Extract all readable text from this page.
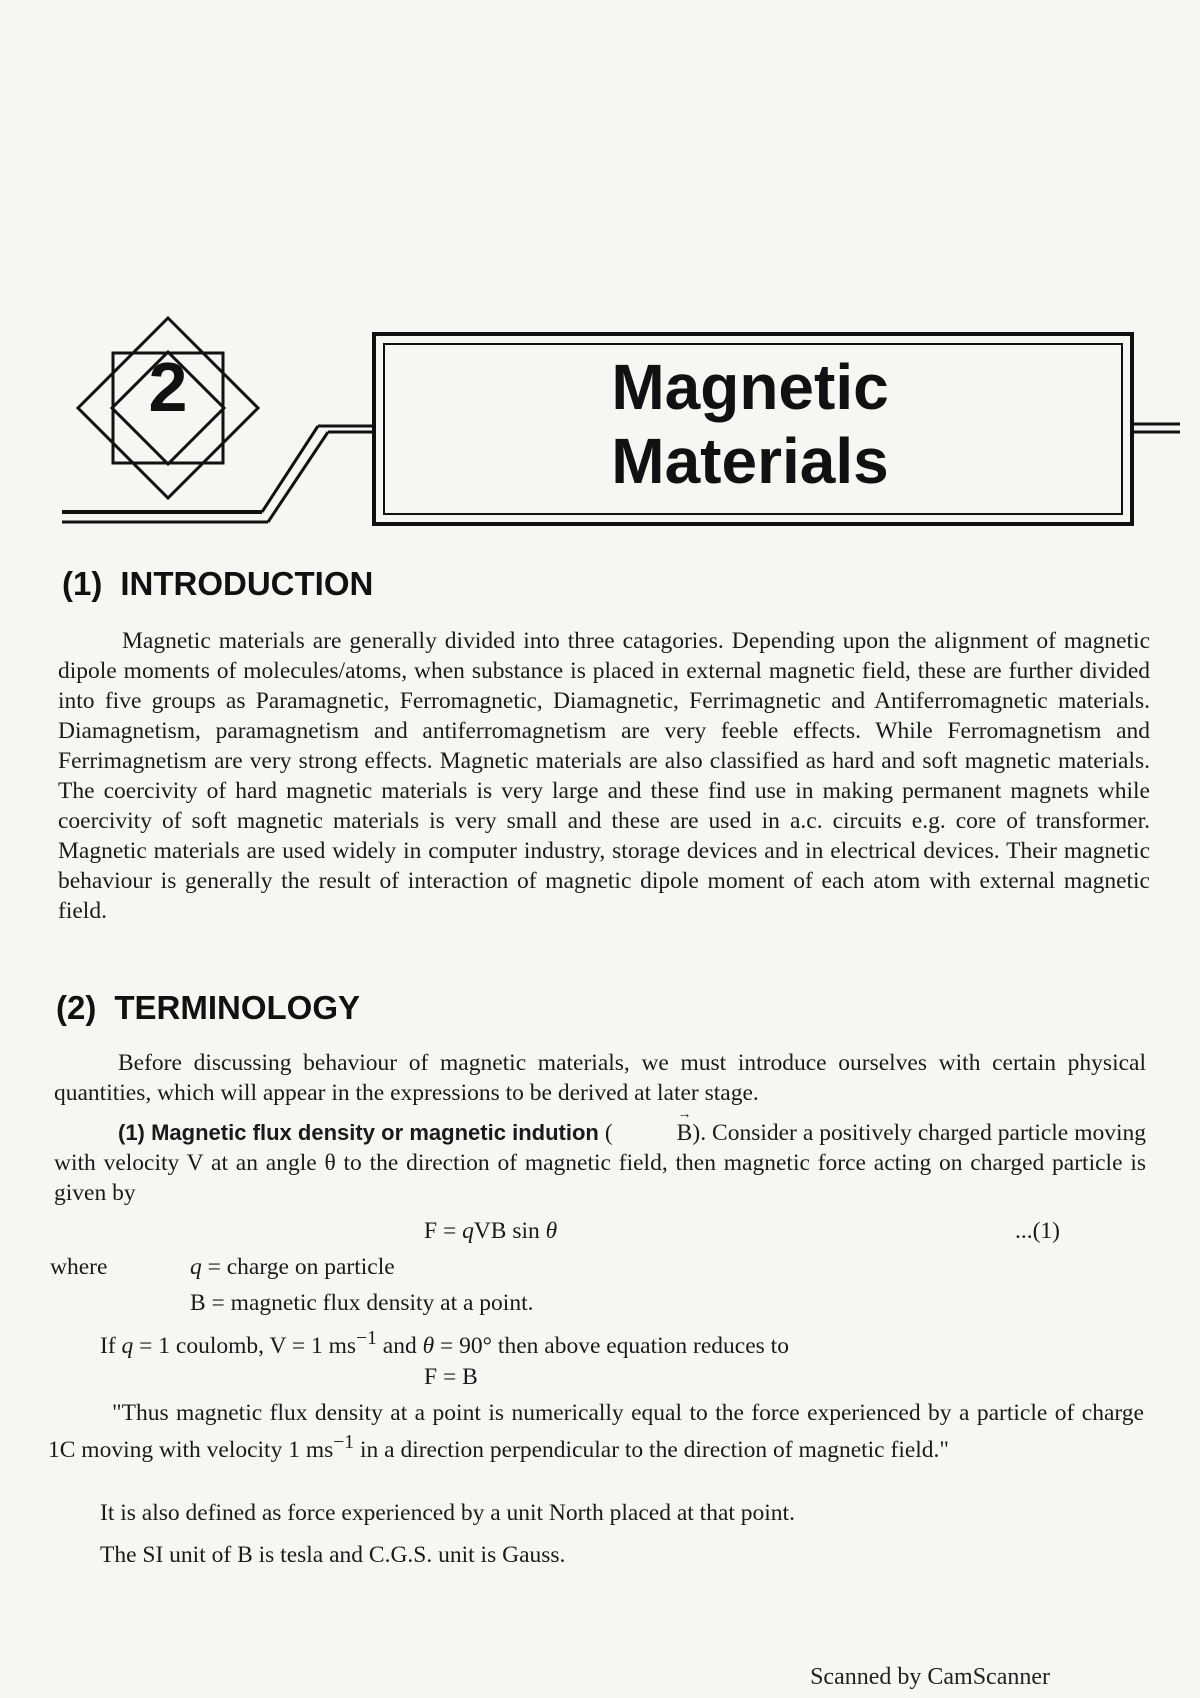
2	Magnetic
Materials
(1) INTRODUCTION

Magnetic materials are generally divided into three catagories. Depending upon the alignment of magnetic dipole moments of molecules/atoms, when substance is placed in external magnetic field, these are further divided into five groups as Paramagnetic, Ferromagnetic, Diamagnetic, Ferrimagnetic and Antiferromagnetic materials. Diamagnetism, paramagnetism and antiferromagnetism are very feeble effects. While Ferromagnetism and Ferrimagnetism are very strong effects. Magnetic materials are also classified as hard and soft magnetic materials. The coercivity of hard magnetic materials is very large and these find use in making permanent magnets while coercivity of soft magnetic materials is very small and these are used in a.c. circuits e.g. core of transformer. Magnetic materials are used widely in computer industry, storage devices and in electrical devices. Their magnetic behaviour is generally the result of interaction of magnetic dipole moment of each atom with external magnetic field.

(2) TERMINOLOGY

Before discussing behaviour of magnetic materials, we must introduce ourselves with certain physical quantities, which will appear in the expressions to be derived at later stage.

(1) Magnetic flux density or magnetic indution (
→
B). Consider a positively charged particle moving with velocity V at an angle θ to the direction of magnetic field, then magnetic force acting on charged particle is given by

F = qVB sin θ	...(1)
where	q = charge on particle
B = magnetic flux density at a point.
If q = 1 coulomb, V = 1 $ms^{-1}$ and θ = 90° then above equation reduces to
F = B

"Thus magnetic flux density at a point is numerically equal to the force experienced by a particle of charge 1C moving with velocity 1 $ms^{-1}$ in a direction perpendicular to the direction of magnetic field."

It is also defined as force experienced by a unit North placed at that point.
The SI unit of B is tesla and C.G.S. unit is Gauss.
Scanned by CamScanner
